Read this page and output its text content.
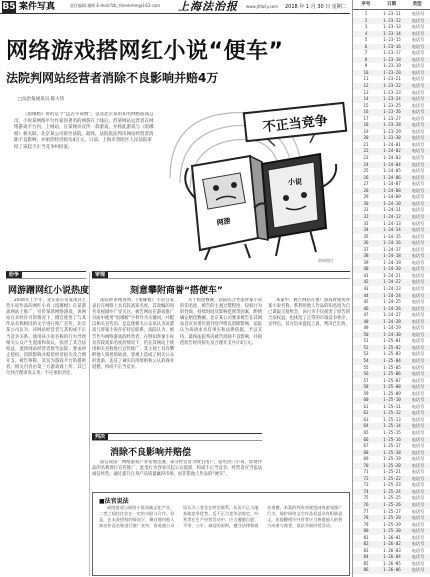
B5 案件写真	责任编辑 谢晖 E-mail:fzb_shenbrem@163.com 上海法治报 www.jfdaily.com 2018 年 1 月 30 日 星期二
网络游戏搭网红小说“便车”
法院判网站经营者消除不良影响并赔4万
□法治报通讯员 陈大伟
《琅琊榜》讲的是个“远古小说网”，以及北京某的知名网络游戏公司，小说某网络平台作家因著名的网游在上线后，但某网站运营者在网络游戏平台内，上网站，在某网页宣传一款游戏，并将此游戏与《琅琊榜》相关联，北京某公司诉至法院，最终，法院依法判决网站经营者消除不良影响，并赔偿经济损失4万元。日前，上海市普陀区人民法院审结了该起不正当竞争纠纷案。
不正当竞争
网游
小说
资料图片
纷争
网游蹭网红小说热度
审理
刻意攀附商誉“搭便车”
2016年上半年，北京某公司发现其主营小说作品的网红小说《琅琊榜》在某游戏网站上推广，宣传某款网络游戏，该网站在未经许可的情况下，擅自使用了与其作品名称相同的文字进行推广宣传。北京某公司认为，该网站经营者与其构成不正当竞争关系，使用该小说名称的行为导致相关公众产生混淆和误认，损害了其合法权益，遂将网站经营者诉至法院，要求停止侵权、消除影响并赔偿经济损失及合理开支。被告辩称，其仅为游戏平台的提供者，相关内容由第三方游戏商上传，其已尽到合理审查义务，不应承担责任。
法院经审理查明，《琅琊榜》小说自发表后在网络上具有较高知名度，其改编的同名电视剧亦广受关注。被告网站在游戏推广页面中使用“琅琊榜”字样作为关键词，并配以相关宣传语，足以使相关公众误认为该游戏与涉案小说存在特定联系。法院认为，被告作为网络游戏的经营者，在明知涉案小说具有较高知名度的情况下，仍在其网站上使用相关名称进行宣传推广，其主观上具有攀附他人商誉的故意，客观上造成了相关公众的混淆，违反了诚实信用原则和公认的商业道德，构成不正当竞争。
关于赔偿数额，法院综合考虑涉案小说的知名度、被告的主观过错程度、侵权行为的性质、持续时间及影响范围等因素，酌情确定赔偿数额。北京某公司要求被告在其网站首页显著位置刊登声明以消除影响，法院认为该请求具有事实和法律依据，予以支持。最终法院判决被告消除不良影响，并赔偿原告经济损失及合理开支共计4万元。
本案中，被告网站在推广游戏时使用涉案小说名称，系利用他人作品的知名度为自己谋取交易机会，该行为不仅损害了原告的合法权益，也扰乱了正常的市场竞争秩序。宣判后，双方均未提起上诉，判决已生效。
判决
消除不良影响并赔偿
法官说法：网络游戏产业发展迅速，部分经营者为吸引用户，借用热门小说、影视作品的名称进行宣传推广，此类行为容易引起公众混淆，构成不正当竞争。经营者应当依法诚信经营，通过提升自身产品质量赢得市场，而非搭他人作品的“便车”。
■法官说法
网络游戏与网络小说同属文化产业，二者之间往往存在一定的关联与合作。但是，在未获授权的情况下，擅自使用他人知名作品名称进行推广宣传，容易使公众误认为二者存在特定联系，从而不正当地获取竞争优势。反不正当竞争法规定，经营者在生产经营活动中，应当遵循自愿、平等、公平、诚信的原则，遵守法律和商业道德。本案的判决对规范网络游戏推广行为，保护网络文学作品权益具有积极意义，也提醒相关经营者应当尊重他人的智力成果与商誉，依法开展经营活动。
序号	日期	类型
1	1-23-11	电话号
2	1-23-12	电话号
3	1-23-13	电话号
4	1-23-14	电话号
5	1-23-15	电话号
6	1-23-16	电话号
7	1-23-17	电话号
8	1-23-18	电话号
9	1-23-19	电话号
10	1-23-20	电话号
11	1-23-21	电话号
12	1-23-22	电话号
13	1-23-23	电话号
14	1-23-24	电话号
15	1-23-25	电话号
16	1-23-26	电话号
17	1-23-27	电话号
18	1-23-28	电话号
19	1-23-29	电话号
20	1-23-30	电话号
21	1-24-01	电话号
22	1-24-02	电话号
23	1-24-03	电话号
24	1-24-04	电话号
25	1-24-05	电话号
26	1-24-06	电话号
27	1-24-07	电话号
28	1-24-08	电话号
29	1-24-09	电话号
30	1-24-10	电话号
31	1-24-11	电话号
32	1-24-12	电话号
33	1-24-13	电话号
34	1-24-14	电话号
35	1-24-15	电话号
36	1-24-16	电话号
37	1-24-17	电话号
38	1-24-18	电话号
39	1-24-19	电话号
40	1-24-20	电话号
41	1-24-21	电话号
42	1-24-22	电话号
43	1-24-23	电话号
44	1-24-24	电话号
45	1-24-25	电话号
46	1-24-26	电话号
47	1-24-27	电话号
48	1-24-28	电话号
49	1-24-29	电话号
50	1-24-30	电话号
51	1-25-01	电话号
52	1-25-02	电话号
53	1-25-03	电话号
54	1-25-04	电话号
55	1-25-05	电话号
56	1-25-06	电话号
57	1-25-07	电话号
58	1-25-08	电话号
59	1-25-09	电话号
60	1-25-10	电话号
61	1-25-11	电话号
62	1-25-12	电话号
63	1-25-13	电话号
64	1-25-14	电话号
65	1-25-15	电话号
66	1-25-16	电话号
67	1-25-17	电话号
68	1-25-18	电话号
69	1-25-19	电话号
70	1-25-20	电话号
71	1-25-21	电话号
72	1-25-22	电话号
73	1-25-23	电话号
74	1-25-24	电话号
75	1-25-25	电话号
76	1-25-26	电话号
77	1-25-27	电话号
78	1-25-28	电话号
79	1-25-29	电话号
80	1-25-30	电话号
81	1-26-01	电话号
82	1-26-02	电话号
83	1-26-03	电话号
84	1-26-04	电话号
85	1-26-05	电话号
86	1-26-06	电话号
